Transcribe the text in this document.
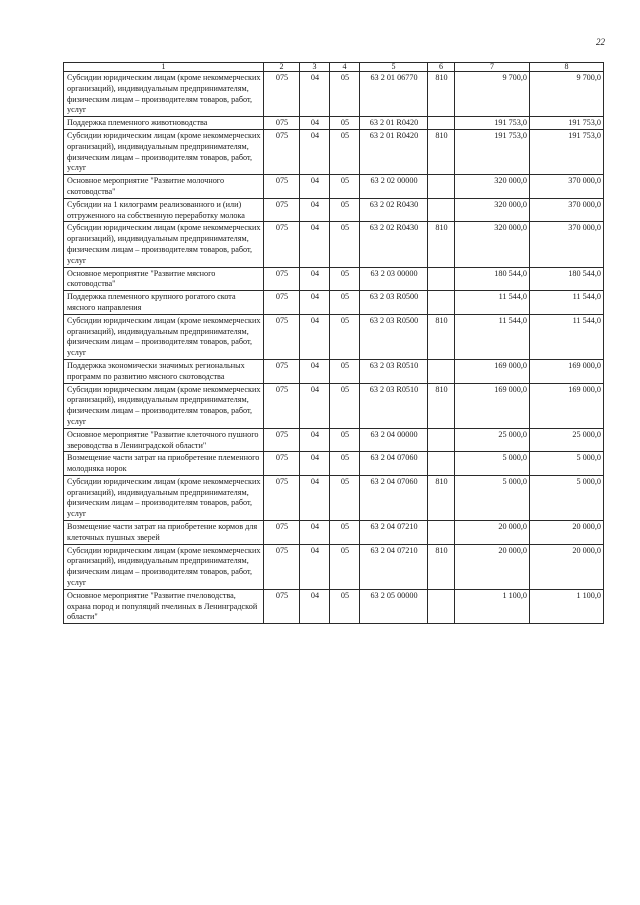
22
1	2	3	4	5	6	7	8
Субсидии юридическим лицам (кроме некоммерческих организаций), индивидуальным предпринимателям, физическим лицам – производителям товаров, работ, услуг	075	04	05	63 2 01 06770	810	9 700,0	9 700,0
Поддержка племенного животноводства	075	04	05	63 2 01 R0420		191 753,0	191 753,0
Субсидии юридическим лицам (кроме некоммерческих организаций), индивидуальным предпринимателям, физическим лицам – производителям товаров, работ, услуг	075	04	05	63 2 01 R0420	810	191 753,0	191 753,0
Основное мероприятие "Развитие молочного скотоводства"	075	04	05	63 2 02 00000		320 000,0	370 000,0
Субсидии на 1 килограмм реализованного и (или) отгруженного на собственную переработку молока	075	04	05	63 2 02 R0430		320 000,0	370 000,0
Субсидии юридическим лицам (кроме некоммерческих организаций), индивидуальным предпринимателям, физическим лицам – производителям товаров, работ, услуг	075	04	05	63 2 02 R0430	810	320 000,0	370 000,0
Основное мероприятие "Развитие мясного скотоводства"	075	04	05	63 2 03 00000		180 544,0	180 544,0
Поддержка племенного крупного рогатого скота мясного направления	075	04	05	63 2 03 R0500		11 544,0	11 544,0
Субсидии юридическим лицам (кроме некоммерческих организаций), индивидуальным предпринимателям, физическим лицам – производителям товаров, работ, услуг	075	04	05	63 2 03 R0500	810	11 544,0	11 544,0
Поддержка экономически значимых региональных программ по развитию мясного скотоводства	075	04	05	63 2 03 R0510		169 000,0	169 000,0
Субсидии юридическим лицам (кроме некоммерческих организаций), индивидуальным предпринимателям, физическим лицам – производителям товаров, работ, услуг	075	04	05	63 2 03 R0510	810	169 000,0	169 000,0
Основное мероприятие "Развитие клеточного пушного звероводства в Ленинградской области"	075	04	05	63 2 04 00000		25 000,0	25 000,0
Возмещение части затрат на приобретение племенного молодняка норок	075	04	05	63 2 04 07060		5 000,0	5 000,0
Субсидии юридическим лицам (кроме некоммерческих организаций), индивидуальным предпринимателям, физическим лицам – производителям товаров, работ, услуг	075	04	05	63 2 04 07060	810	5 000,0	5 000,0
Возмещение части затрат на приобретение кормов для клеточных пушных зверей	075	04	05	63 2 04 07210		20 000,0	20 000,0
Субсидии юридическим лицам (кроме некоммерческих организаций), индивидуальным предпринимателям, физическим лицам – производителям товаров, работ, услуг	075	04	05	63 2 04 07210	810	20 000,0	20 000,0
Основное мероприятие "Развитие пчеловодства, охрана пород и популяций пчелиных в Ленинградской области"	075	04	05	63 2 05 00000		1 100,0	1 100,0
